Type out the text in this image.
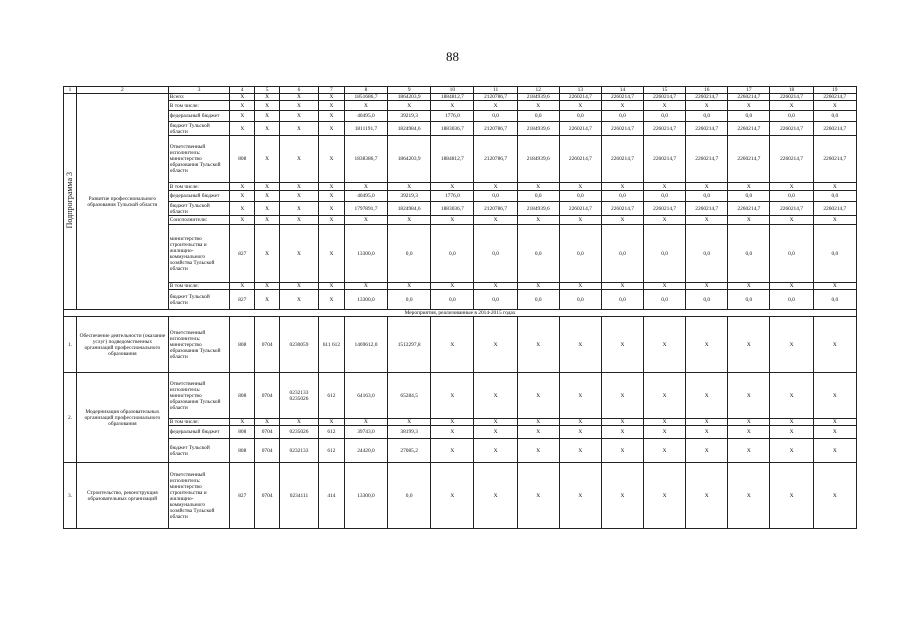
88
1	2	3	4	5	6	7	8	9	10	11	12	13	14	15	16	17	18	19
Подпрограмма 3	Развитие профессионального образования Тульской области	Всего:	X	X	X	X	1851686,7	1864203,9	1884812,7	2120786,7	2184939,6	2260214,7	2260214,7	2260214,7	2260214,7	2260214,7	2260214,7	2260214,7
		В том числе:	X	X	X	X	X	X	X	X	X	X	X	X	X	X	X	X
		федеральный бюджет	X	X	X	X	40495,0	39219,3	1776,0	0,0	0,0	0,0	0,0	0,0	0,0	0,0	0,0	0,0
		бюджет Тульской области	X	X	X	X	1811191,7	1824984,6	1883036,7	2120786,7	2184939,6	2260214,7	2260214,7	2260214,7	2260214,7	2260214,7	2260214,7	2260214,7
		Ответственный исполнитель: министерство образования Тульской области	808	X	X	X	1838386,7	1864203,9	1884812,7	2120786,7	2184939,6	2260214,7	2260214,7	2260214,7	2260214,7	2260214,7	2260214,7	2260214,7
		В том числе:	X	X	X	X	X	X	X	X	X	X	X	X	X	X	X	X
		федеральный бюджет	X	X	X	X	40495,0	39219,3	1776,0	0,0	0,0	0,0	0,0	0,0	0,0	0,0	0,0	0,0
		бюджет Тульской области	X	X	X	X	1797891,7	1824984,6	1883036,7	2120786,7	2184939,6	2260214,7	2260214,7	2260214,7	2260214,7	2260214,7	2260214,7	2260214,7
		Соисполнители:	X	X	X	X	X	X	X	X	X	X	X	X	X	X	X	X
		министерство строительства и жилищно-коммунального хозяйства Тульской области	827	X	X	X	13300,0	0,0	0,0	0,0	0,0	0,0	0,0	0,0	0,0	0,0	0,0	0,0
		В том числе:	X	X	X	X	X	X	X	X	X	X	X	X	X	X	X	X
		бюджет Тульской области	827	X	X	X	13300,0	0,0	0,0	0,0	0,0	0,0	0,0	0,0	0,0	0,0	0,0	0,0
Мероприятия, реализованные в 2014-2015 годах																		
1.	Обеспечение деятельности (оказание услуг) подведомственных организаций профессионального образования	Ответственный исполнитель: министерство образования Тульской области	808	0704	0230059	611 612	1469612,0	1512297,8	X	X	X	X	X	X	X	X	X	X
2.	Модернизация образовательных организаций профессионального образования	Ответственный исполнитель: министерство образования Тульской области	808	0704	0232133 0235026	612	64163,0	65284,5	X	X	X	X	X	X	X	X	X	X
		В том числе:	X	X	X	X	X	X	X	X	X	X	X	X	X	X	X	X
		федеральный бюджет	808	0704	0235026	612	39743,0	38199,3	X	X	X	X	X	X	X	X	X	X
		бюджет Тульской области	808	0704	0232133	612	24420,0	27085,2	X	X	X	X	X	X	X	X	X	X
3.	Строительство, реконструкция образовательных организаций	Ответственный исполнитель: министерство строительства и жилищно-коммунального хозяйства Тульской области	827	0704	0234111	414	13300,0	0,0	X	X	X	X	X	X	X	X	X	X
